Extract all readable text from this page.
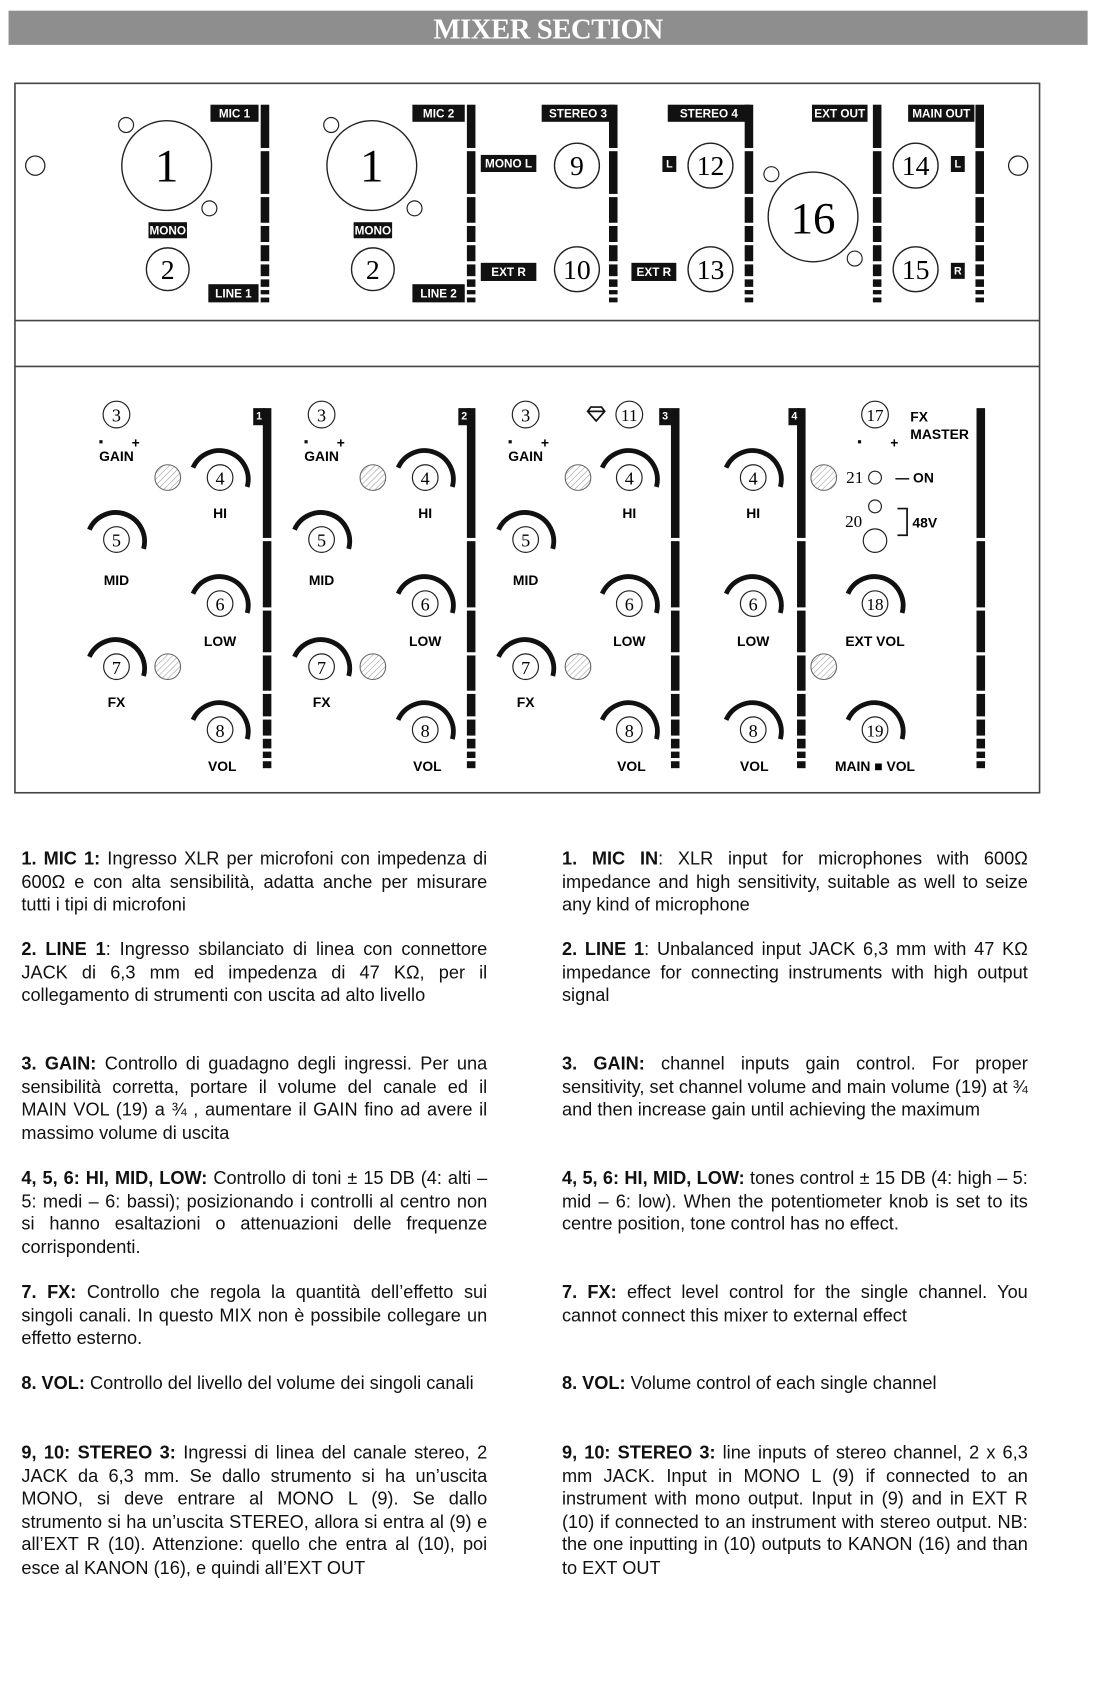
MIXER SECTION
MIC 1
LINE 1
MONO
MIC 2
LINE 2
MONO
STEREO 3
MONO L
EXT R
STEREO 4
L
EXT R
EXT OUT	MAIN OUT
L
R
1
2
1
2
9
10
12
13
16
14
15
3
4
5
6
7
8
3
4
5
6
7
8
3
4
5
6
7
8
11
4
6
8
17
18
19
GAIN
HI
MID
LOW
FX
VOL
GAIN
HI
MID
LOW
FX
VOL
GAIN
HI
MID
LOW
FX
VOL
HI
LOW
VOL
EXT VOL
MAIN ■ VOL
+	+	+	+
1	2	3	4	FX
MASTER
21 — ON
20	48V
1. MIC 1: Ingresso XLR per microfoni con impedenza di 600Ω e con alta sensibilità, adatta anche per misurare tutti i tipi di microfoni
2. LINE 1: Ingresso sbilanciato di linea con connettore JACK di 6,3 mm ed impedenza di 47 KΩ, per il collegamento di strumenti con uscita ad alto livello
3. GAIN: Controllo di guadagno degli ingressi. Per una sensibilità corretta, portare il volume del canale ed il MAIN VOL (19) a ¾ , aumentare il GAIN fino ad avere il massimo volume di uscita
4, 5, 6: HI, MID, LOW: Controllo di toni ± 15 DB (4: alti – 5: medi – 6: bassi); posizionando i controlli al centro non si hanno esaltazioni o attenuazioni delle frequenze corrispondenti.
7. FX: Controllo che regola la quantità dell’effetto sui singoli canali. In questo MIX non è possibile collegare un effetto esterno.
8. VOL: Controllo del livello del volume dei singoli canali
9, 10: STEREO 3: Ingressi di linea del canale stereo, 2 JACK da 6,3 mm. Se dallo strumento si ha un’uscita MONO, si deve entrare al MONO L (9). Se dallo strumento si ha un’uscita STEREO, allora si entra al (9) e all’EXT R (10). Attenzione: quello che entra al (10), poi esce al KANON (16), e quindi all’EXT OUT
1. MIC IN: XLR input for microphones with 600Ω impedance and high sensitivity, suitable as well to seize any kind of microphone
2. LINE 1: Unbalanced input JACK 6,3 mm with 47 KΩ impedance for connecting instruments with high output signal
3. GAIN: channel inputs gain control. For proper sensitivity, set channel volume and main volume (19) at ¾ and then increase gain until achieving the maximum
4, 5, 6: HI, MID, LOW: tones control ± 15 DB (4: high – 5: mid – 6: low). When the potentiometer knob is set to its centre position, tone control has no effect.
7. FX: effect level control for the single channel. You cannot connect this mixer to external effect
8. VOL: Volume control of each single channel
9, 10: STEREO 3: line inputs of stereo channel, 2 x 6,3 mm JACK. Input in MONO L (9) if connected to an instrument with mono output. Input in (9) and in EXT R (10) if connected to an instrument with stereo output. NB: the one inputting in (10) outputs to KANON (16) and than to EXT OUT
